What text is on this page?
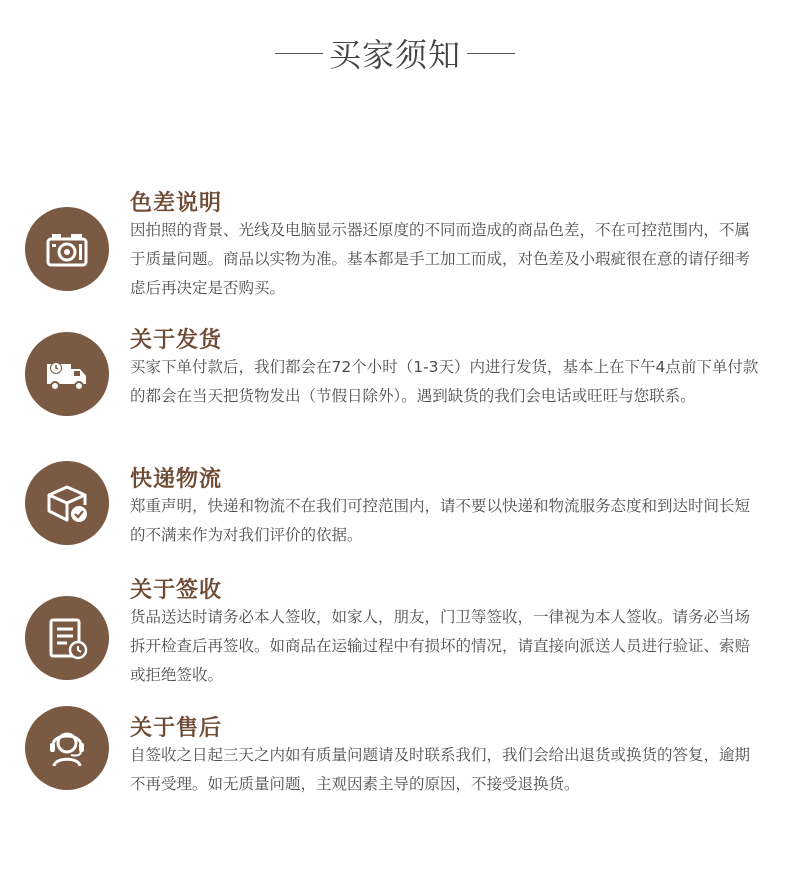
买家须知
色差说明
因拍照的背景、光线及电脑显示器还原度的不同而造成的商品色差，不在可控范围内，不属于质量问题。商品以实物为准。基本都是手工加工而成，对色差及小瑕疵很在意的请仔细考虑后再决定是否购买。
关于发货
买家下单付款后，我们都会在72个小时（1-3天）内进行发货，基本上在下午4点前下单付款的都会在当天把货物发出（节假日除外）。遇到缺货的我们会电话或旺旺与您联系。
快递物流
郑重声明，快递和物流不在我们可控范围内，请不要以快递和物流服务态度和到达时间长短的不满来作为对我们评价的依据。
关于签收
货品送达时请务必本人签收，如家人，朋友，门卫等签收，一律视为本人签收。请务必当场拆开检查后再签收。如商品在运输过程中有损坏的情况，请直接向派送人员进行验证、索赔或拒绝签收。
关于售后
自签收之日起三天之内如有质量问题请及时联系我们，我们会给出退货或换货的答复，逾期不再受理。如无质量问题，主观因素主导的原因，不接受退换货。
